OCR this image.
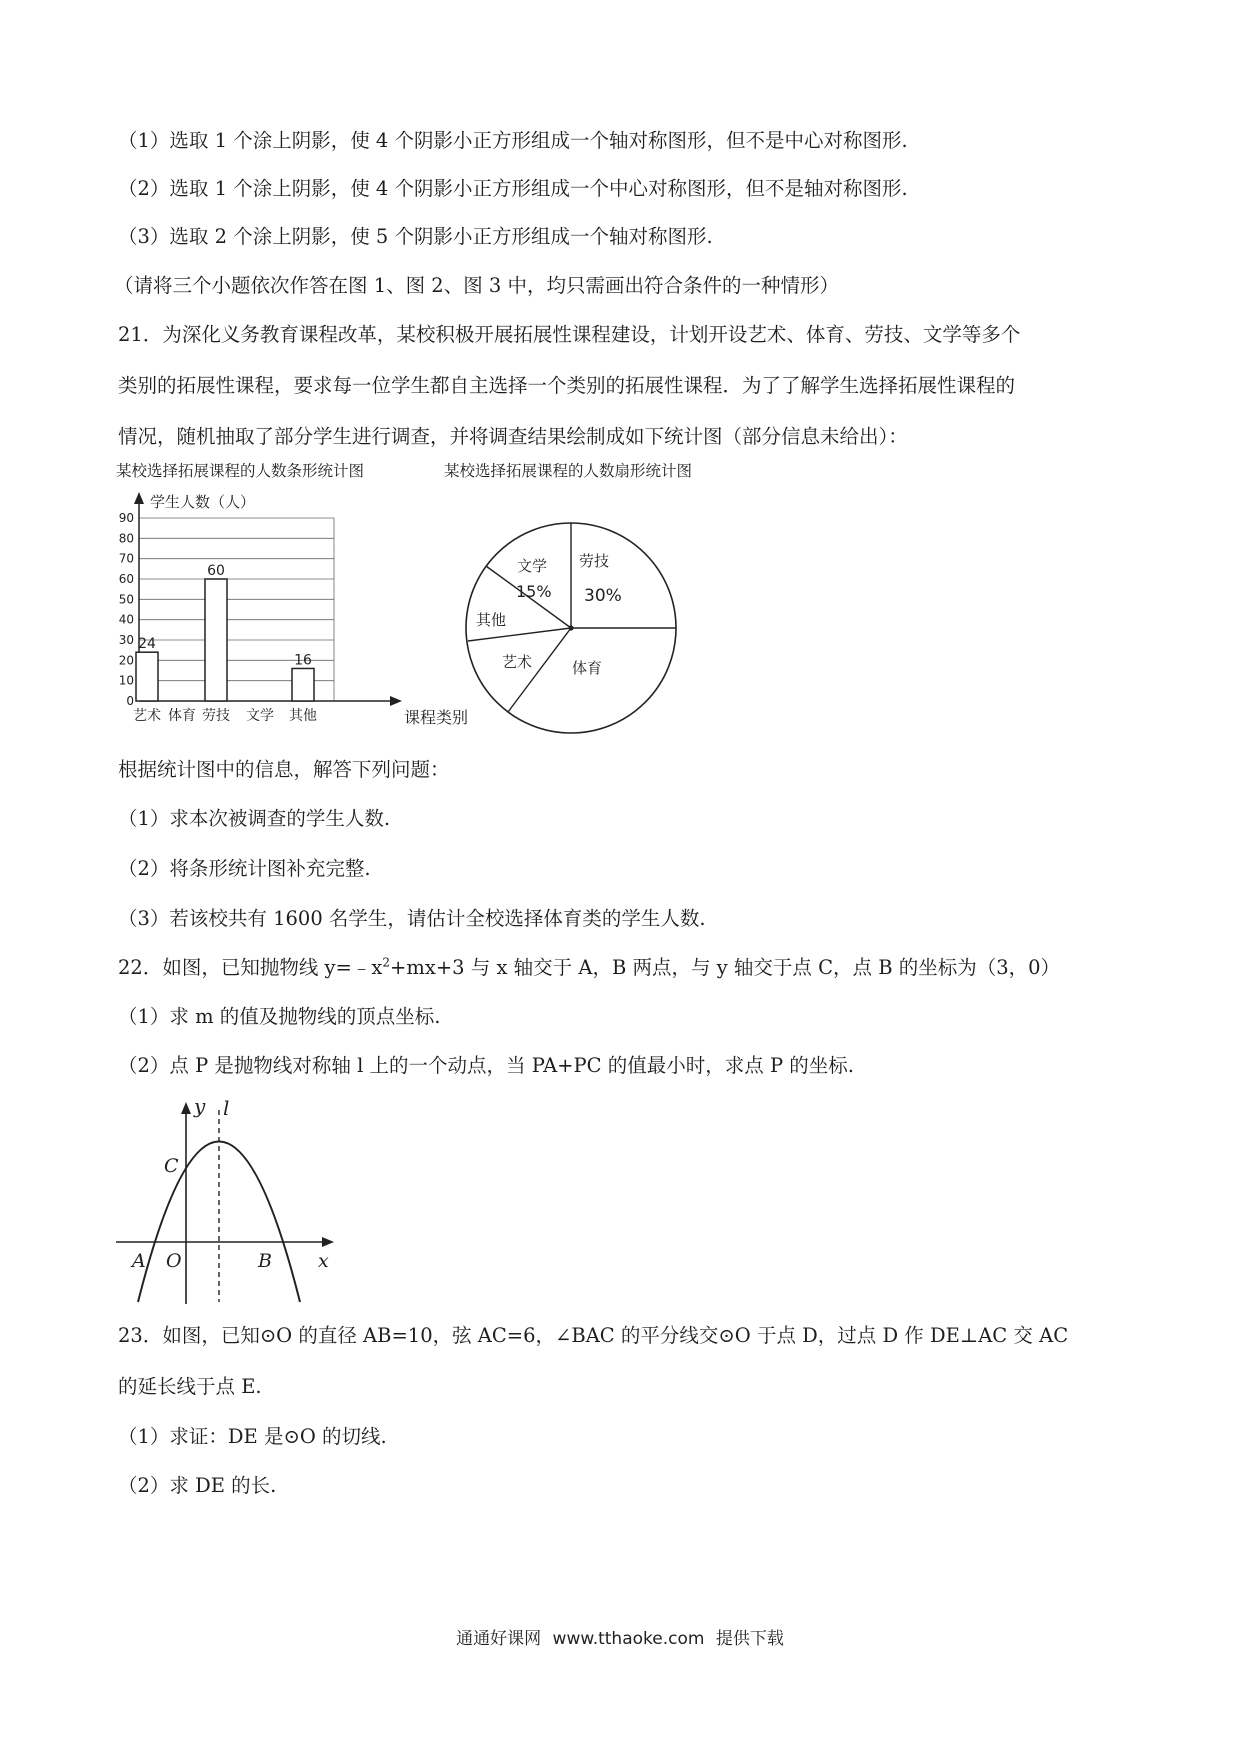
（1）选取 1 个涂上阴影，使 4 个阴影小正方形组成一个轴对称图形，但不是中心对称图形.
（2）选取 1 个涂上阴影，使 4 个阴影小正方形组成一个中心对称图形，但不是轴对称图形.
（3）选取 2 个涂上阴影，使 5 个阴影小正方形组成一个轴对称图形.
（请将三个小题依次作答在图 1、图 2、图 3 中，均只需画出符合条件的一种情形）
21．为深化义务教育课程改革，某校积极开展拓展性课程建设，计划开设艺术、体育、劳技、文学等多个
类别的拓展性课程，要求每一位学生都自主选择一个类别的拓展性课程．为了了解学生选择拓展性课程的
情况，随机抽取了部分学生进行调查，并将调查结果绘制成如下统计图（部分信息未给出）：
某校选择拓展课程的人数条形统计图
学生人数（人）
0
10
20
30
40
50
60
70
80
90
24
60
16
艺术 体育 劳技 文学 其他	课程类别
某校选择拓展课程的人数扇形统计图
劳技
30%
体育
艺术
其他
文学
15%
根据统计图中的信息，解答下列问题：
（1）求本次被调查的学生人数.
（2）将条形统计图补充完整.
（3）若该校共有 1600 名学生，请估计全校选择体育类的学生人数.
22．如图，已知抛物线 $y=﹣x^2+mx+3$ 与 x 轴交于 A，B 两点，与 y 轴交于点 C，点 B 的坐标为（3，0）
（1）求 m 的值及抛物线的顶点坐标.
（2）点 P 是抛物线对称轴 l 上的一个动点，当 PA+PC 的值最小时，求点 P 的坐标.
y l
C
A O	B x
23．如图，已知⊙O 的直径 AB=10，弦 AC=6，∠BAC 的平分线交⊙O 于点 D，过点 D 作 DE⊥AC 交 AC
的延长线于点 E.
（1）求证：DE 是⊙O 的切线.
（2）求 DE 的长.
通通好课网 www.tthaoke.com 提供下载
